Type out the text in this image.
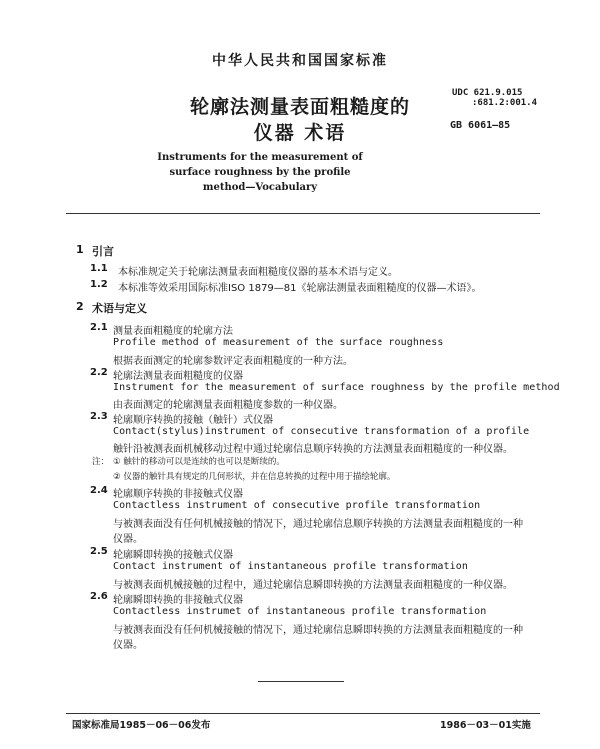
中华人民共和国国家标准
轮廓法测量表面粗糙度的
仪器 术语
UDC 621.9.015
:681.2:001.4
GB 6061—85
Instruments for the measurement of
surface roughness by the profile
method—Vocabulary
1 引言
1.1 本标准规定关于轮廓法测量表面粗糙度仪器的基本术语与定义。
1.2 本标准等效采用国际标准ISO 1879—81《轮廓法测量表面粗糙度的仪器—术语》。
2 术语与定义
2.1 测量表面粗糙度的轮廓方法
Profile method of measurement of the surface roughness
根据表面测定的轮廓参数评定表面粗糙度的一种方法。
2.2 轮廓法测量表面粗糙度的仪器
Instrument for the measurement of surface roughness by the profile method
由表面测定的轮廓测量表面粗糙度参数的一种仪器。
2.3 轮廓顺序转换的接触（触针）式仪器
Contact(stylus)instrument of consecutive transformation of a profile
触针沿被测表面机械移动过程中通过轮廓信息顺序转换的方法测量表面粗糙度的一种仪器。
注： ① 触针的移动可以是连续的也可以是断续的。
② 仪器的触针具有规定的几何形状，并在信息转换的过程中用于描绘轮廓。
2.4 轮廓顺序转换的非接触式仪器
Contactless instrument of consecutive profile transformation
与被测表面没有任何机械接触的情况下，通过轮廓信息顺序转换的方法测量表面粗糙度的一种
仪器。
2.5 轮廓瞬即转换的接触式仪器
Contact instrument of instantaneous profile transformation
与被测表面机械接触的过程中，通过轮廓信息瞬即转换的方法测量表面粗糙度的一种仪器。
2.6 轮廓瞬即转换的非接触式仪器
Contactless instrumet of instantaneous profile transformation
与被测表面没有任何机械接触的情况下，通过轮廓信息瞬即转换的方法测量表面粗糙度的一种
仪器。
国家标准局1985－06－06发布	1986－03－01实施
